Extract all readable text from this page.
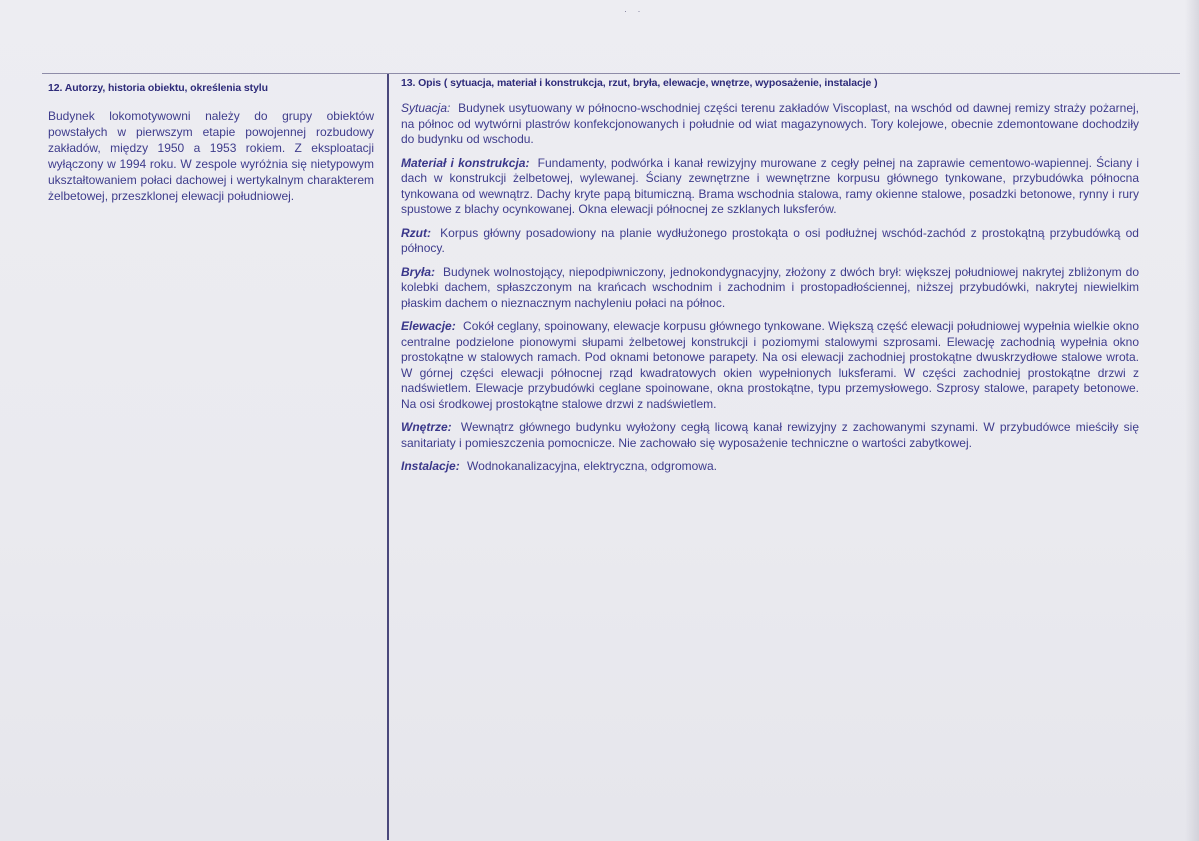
· ·
12. Autorzy, historia obiektu, określenia stylu

Budynek lokomotywowni należy do grupy obiektów powstałych w pierwszym etapie powojennej rozbudowy zakładów, między 1950 a 1953 rokiem. Z eksploatacji wyłączony w 1994 roku. W zespole wyróżnia się nietypowym ukształtowaniem połaci dachowej i wertykalnym charakterem żelbetowej, przeszklonej elewacji południowej.

13. Opis ( sytuacja, materiał i konstrukcja, rzut, bryła, elewacje, wnętrze, wyposażenie, instalacje )

Sytuacja: Budynek usytuowany w północno-wschodniej części terenu zakładów Viscoplast, na wschód od dawnej remizy straży pożarnej, na północ od wytwórni plastrów konfekcjonowanych i południe od wiat magazynowych. Tory kolejowe, obecnie zdemontowane dochodziły do budynku od wschodu.

Materiał i konstrukcja: Fundamenty, podwórka i kanał rewizyjny murowane z cegły pełnej na zaprawie cementowo-wapiennej. Ściany i dach w konstrukcji żelbetowej, wylewanej. Ściany zewnętrzne i wewnętrzne korpusu głównego tynkowane, przybudówka północna tynkowana od wewnątrz. Dachy kryte papą bitumiczną. Brama wschodnia stalowa, ramy okienne stalowe, posadzki betonowe, rynny i rury spustowe z blachy ocynkowanej. Okna elewacji północnej ze szklanych luksferów.

Rzut: Korpus główny posadowiony na planie wydłużonego prostokąta o osi podłużnej wschód-zachód z prostokątną przybudówką od północy.

Bryła: Budynek wolnostojący, niepodpiwniczony, jednokondygnacyjny, złożony z dwóch brył: większej południowej nakrytej zbliżonym do kolebki dachem, spłaszczonym na krańcach wschodnim i zachodnim i prostopadłościennej, niższej przybudówki, nakrytej niewielkim płaskim dachem o nieznacznym nachyleniu połaci na północ.

Elewacje: Cokół ceglany, spoinowany, elewacje korpusu głównego tynkowane. Większą część elewacji południowej wypełnia wielkie okno centralne podzielone pionowymi słupami żelbetowej konstrukcji i poziomymi stalowymi szprosami. Elewację zachodnią wypełnia okno prostokątne w stalowych ramach. Pod oknami betonowe parapety. Na osi elewacji zachodniej prostokątne dwuskrzydłowe stalowe wrota. W górnej części elewacji północnej rząd kwadratowych okien wypełnionych luksferami. W części zachodniej prostokątne drzwi z nadświetlem. Elewacje przybudówki ceglane spoinowane, okna prostokątne, typu przemysłowego. Szprosy stalowe, parapety betonowe. Na osi środkowej prostokątne stalowe drzwi z nadświetlem.

Wnętrze: Wewnątrz głównego budynku wyłożony cegłą licową kanał rewizyjny z zachowanymi szynami. W przybudówce mieściły się sanitariaty i pomieszczenia pomocnicze. Nie zachowało się wyposażenie techniczne o wartości zabytkowej.

Instalacje: Wodnokanalizacyjna, elektryczna, odgromowa.
